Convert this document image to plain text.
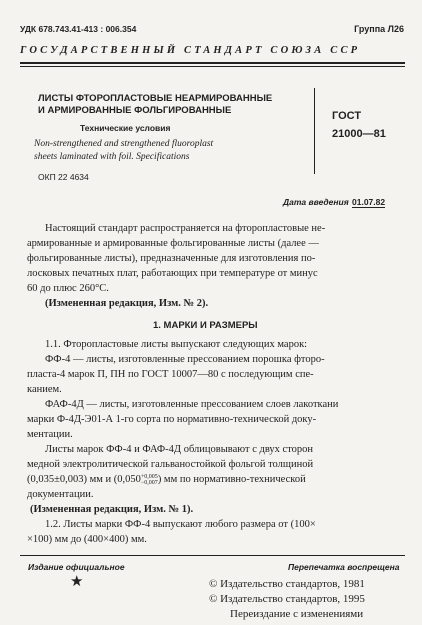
УДК 678.743.41-413 : 006.354	Группа Л26
ГОСУДАРСТВЕННЫЙ СТАНДАРТ СОЮЗА ССР
ЛИСТЫ ФТОРОПЛАСТОВЫЕ НЕАРМИРОВАННЫЕ
И АРМИРОВАННЫЕ ФОЛЬГИРОВАННЫЕ
Технические условия
Non-strengthened and strengthened fluoroplast
sheets laminated with foil. Specifications
ГОСТ
21000—81
ОКП 22 4634
Дата введения 01.07.82
Настоящий стандарт распространяется на фторопластовые не-
армированные и армированные фольгированные листы (далее —
фольгированные листы), предназначенные для изготовления по-
лосковых печатных плат, работающих при температуре от минус
60 до плюс 260°C.
(Измененная редакция, Изм. № 2).
1. МАРКИ И РАЗМЕРЫ
1.1. Фторопластовые листы выпускают следующих марок:
ФФ-4 — листы, изготовленные прессованием порошка фторо-
пласта-4 марок П, ПН по ГОСТ 10007—80 с последующим спе-
канием.
ФАФ-4Д — листы, изготовленные прессованием слоев лакоткани
марки Ф-4Д-Э01-А 1-го сорта по нормативно-технической доку-
ментации.
Листы марок ФФ-4 и ФАФ-4Д облицовывают с двух сторон
медной электролитической гальваностойкой фольгой толщиной
(0,035±0,003) мм и (0,050+0,005
−0,007) мм по нормативно-технической
документации.
(Измененная редакция, Изм. № 1).
1.2. Листы марки ФФ-4 выпускают любого размера от (100×
×100) мм до (400×400) мм.
Издание официальное
★
Перепечатка воспрещена
© Издательство стандартов, 1981
© Издательство стандартов, 1995
Переиздание с изменениями
